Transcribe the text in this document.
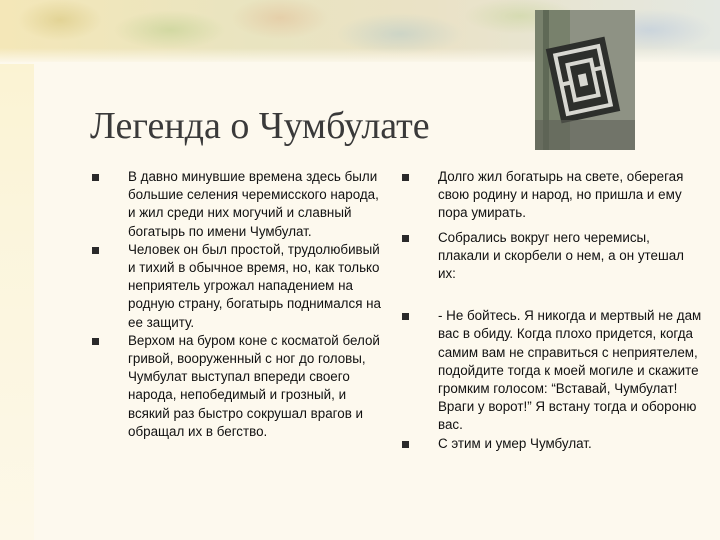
Легенда о Чумбулате
В давно минувшие времена здесь были большие селения черемисского народа, и жил среди них могучий и славный богатырь по имени Чумбулат.
Человек он был простой, трудолюбивый и тихий в обычное время, но, как только неприятель угрожал нападением на родную страну, богатырь поднимался на ее защиту.
Верхом на буром коне с косматой белой гривой, вооруженный с ног до головы, Чумбулат выступал впереди своего народа, непобедимый и грозный, и всякий раз быстро сокрушал врагов и обращал их в бегство.
Долго жил богатырь на свете, оберегая свою родину и народ, но пришла и ему пора умирать.
Собрались вокруг него черемисы, плакали и скорбели о нем, а он утешал их:
- Не бойтесь. Я никогда и мертвый не дам вас в обиду. Когда плохо придется, когда самим вам не справиться с неприятелем, подойдите тогда к моей могиле и скажите громким голосом: “Вставай, Чумбулат! Враги у ворот!” Я встану тогда и обороню вас.
С этим и умер Чумбулат.
